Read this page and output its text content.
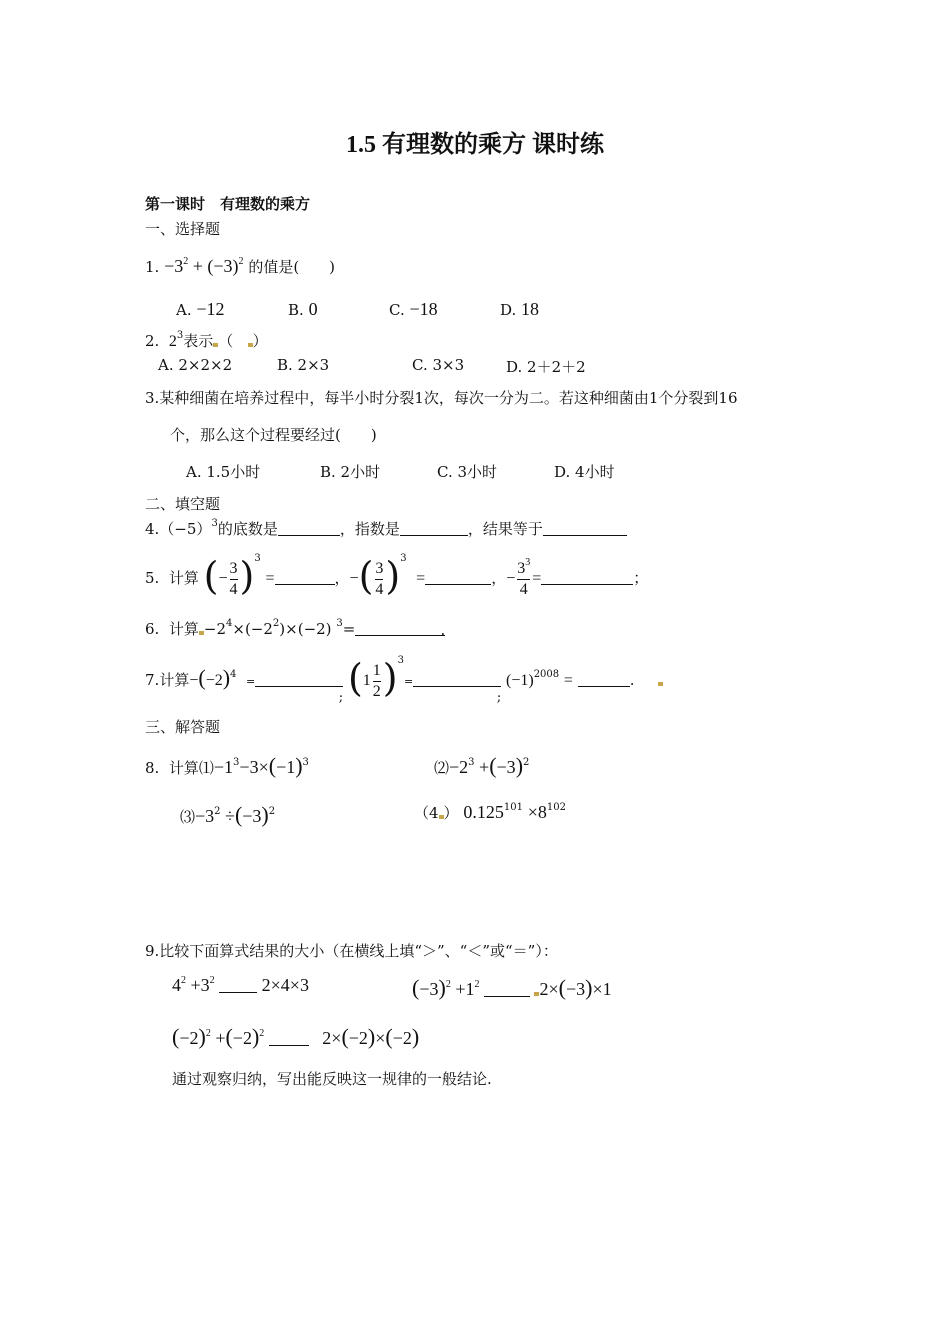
1.5 有理数的乘方 课时练
第一课时　有理数的乘方
一、选择题
1. $-3^2 + (-3)^2$ 的值是(　　)
A. −12	B. 0	C. −18	D. 18
2. $2^3$表示 （ ）
A. 2×2×2	B. 2×3	C. 3×3	D. 2＋2＋2
3.某种细菌在培养过程中，每半小时分裂1次，每次一分为二。若这种细菌由1个分裂到16
个，那么这个过程要经过(　　)
A. 1.5小时	B. 2小时	C. 3小时	D. 4小时
二、填空题
$4.(-5)^3$的底数是	，指数是	，结果等于
5. 计算 (− $\frac{3}{4} )^3$ =	，−( $\frac{3}{4} )^3$  =	，− $\frac{3^3}{4}$ =	；
6. 计算 $-2^4\times(-2^2)\times(-2)$ $^3$=	.
7.计算$-(-2)^4$  =
; $(1 \frac{1}{2} )^3=$
;
$(-1)^{2008}$ =	.
三、解答题
8. 计算$⑴-1^3-3\times(-1)^3$	$⑵-2^3 +(-3)^2$
$⑶-3^2 \div(-3)^2$	（4 ） $0.125^{101} \times 8^{102}$
9.比较下面算式结果的大小（在横线上填“＞”、“＜”或“＝”）：
$4^2 +3^2$	2×4×3	$(-3)^2 +1^2$	2×(−3)×1
$(-2)^2 +(-2)^2$	2×(−2)×(−2)
通过观察归纳，写出能反映这一规律的一般结论.
